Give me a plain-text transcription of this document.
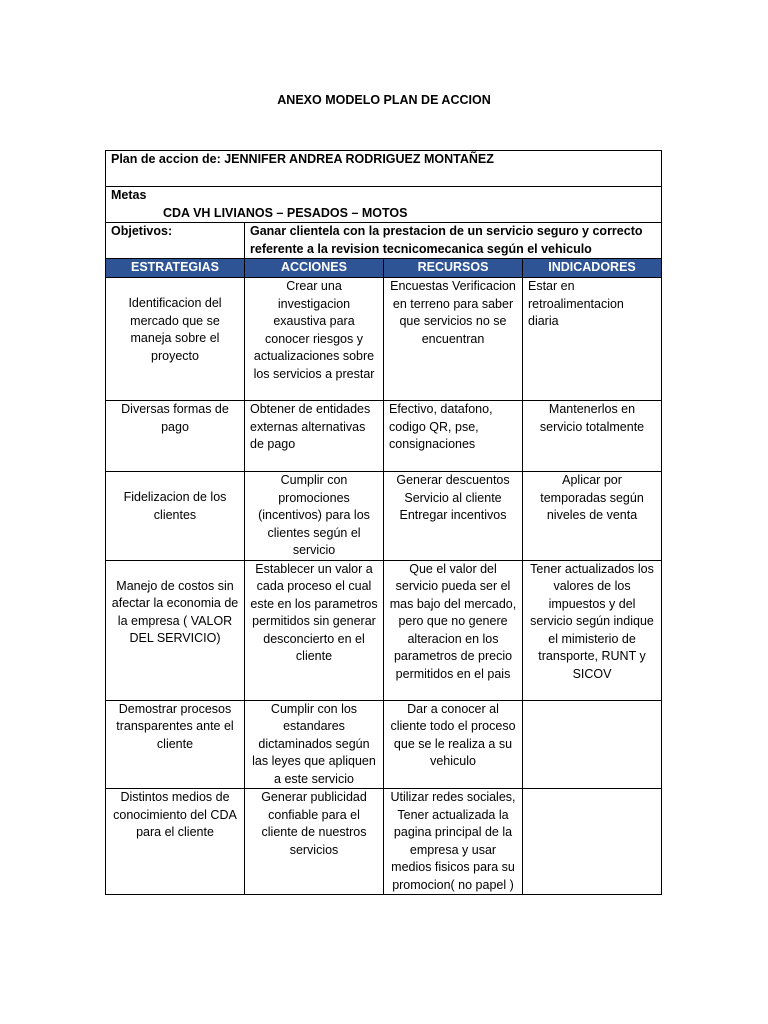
ANEXO MODELO PLAN DE ACCION
Plan de accion de: JENNIFER ANDREA RODRIGUEZ MONTAÑEZ			

Metas
CDA VH LIVIANOS – PESADOS – MOTOS			

Objetivos:	Ganar clientela con la prestacion de un servicio seguro y correcto referente a la revision tecnicomecanica según el vehiculo		
ESTRATEGIAS	ACCIONES	RECURSOS	INDICADORES

Identificacion del mercado que se maneja sobre el proyecto	Crear una investigacion exaustiva para conocer riesgos y actualizaciones sobre los servicios a prestar	Encuestas Verificacion en terreno para saber que servicios no se encuentran	Estar en retroalimentacion diaria
Diversas formas de pago	Obtener de entidades externas alternativas de pago	Efectivo, datafono, codigo QR, pse, consignaciones	Mantenerlos en servicio totalmente

Fidelizacion de los clientes	Cumplir con promociones (incentivos) para los clientes según el servicio	Generar descuentos Servicio al cliente Entregar incentivos	Aplicar por temporadas según niveles de venta

Manejo de costos sin afectar la economia de la empresa ( VALOR DEL SERVICIO)	Establecer un valor a cada proceso el cual este en los parametros permitidos sin generar desconcierto en el cliente	Que el valor del servicio pueda ser el mas bajo del mercado, pero que no genere alteracion en los parametros de precio permitidos en el pais	Tener actualizados los valores de los impuestos y del servicio según indique el mimisterio de transporte, RUNT y SICOV
Demostrar procesos transparentes ante el cliente	Cumplir con los estandares dictaminados según las leyes que apliquen a este servicio	Dar a conocer al cliente todo el proceso que se le realiza a su vehiculo	
Distintos medios de conocimiento del CDA para el cliente	Generar publicidad confiable para el cliente de nuestros servicios	Utilizar redes sociales, Tener actualizada la pagina principal de la empresa y usar medios fisicos para su promocion( no papel )	
